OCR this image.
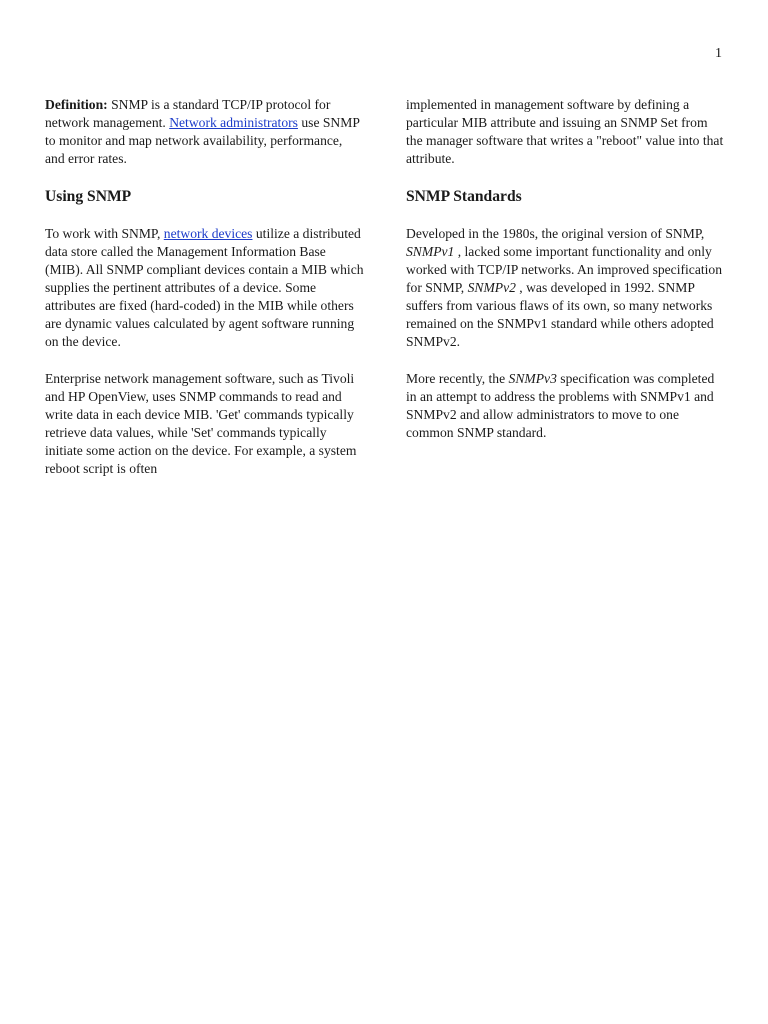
1

Definition: SNMP is a standard TCP/IP protocol for network management. Network administrators use SNMP to monitor and map network availability, performance, and error rates.

Using SNMP

To work with SNMP, network devices utilize a distributed data store called the Management Information Base (MIB). All SNMP compliant devices contain a MIB which supplies the pertinent attributes of a device. Some attributes are fixed (hard-coded) in the MIB while others are dynamic values calculated by agent software running on the device.

Enterprise network management software, such as Tivoli and HP OpenView, uses SNMP commands to read and write data in each device MIB. 'Get' commands typically retrieve data values, while 'Set' commands typically initiate some action on the device. For example, a system reboot script is often

implemented in management software by defining a particular MIB attribute and issuing an SNMP Set from the manager software that writes a "reboot" value into that attribute.

SNMP Standards

Developed in the 1980s, the original version of SNMP, SNMPv1 , lacked some important functionality and only worked with TCP/IP networks. An improved specification for SNMP, SNMPv2 , was developed in 1992. SNMP suffers from various flaws of its own, so many networks remained on the SNMPv1 standard while others adopted SNMPv2.

More recently, the SNMPv3 specification was completed in an attempt to address the problems with SNMPv1 and SNMPv2 and allow administrators to move to one common SNMP standard.
